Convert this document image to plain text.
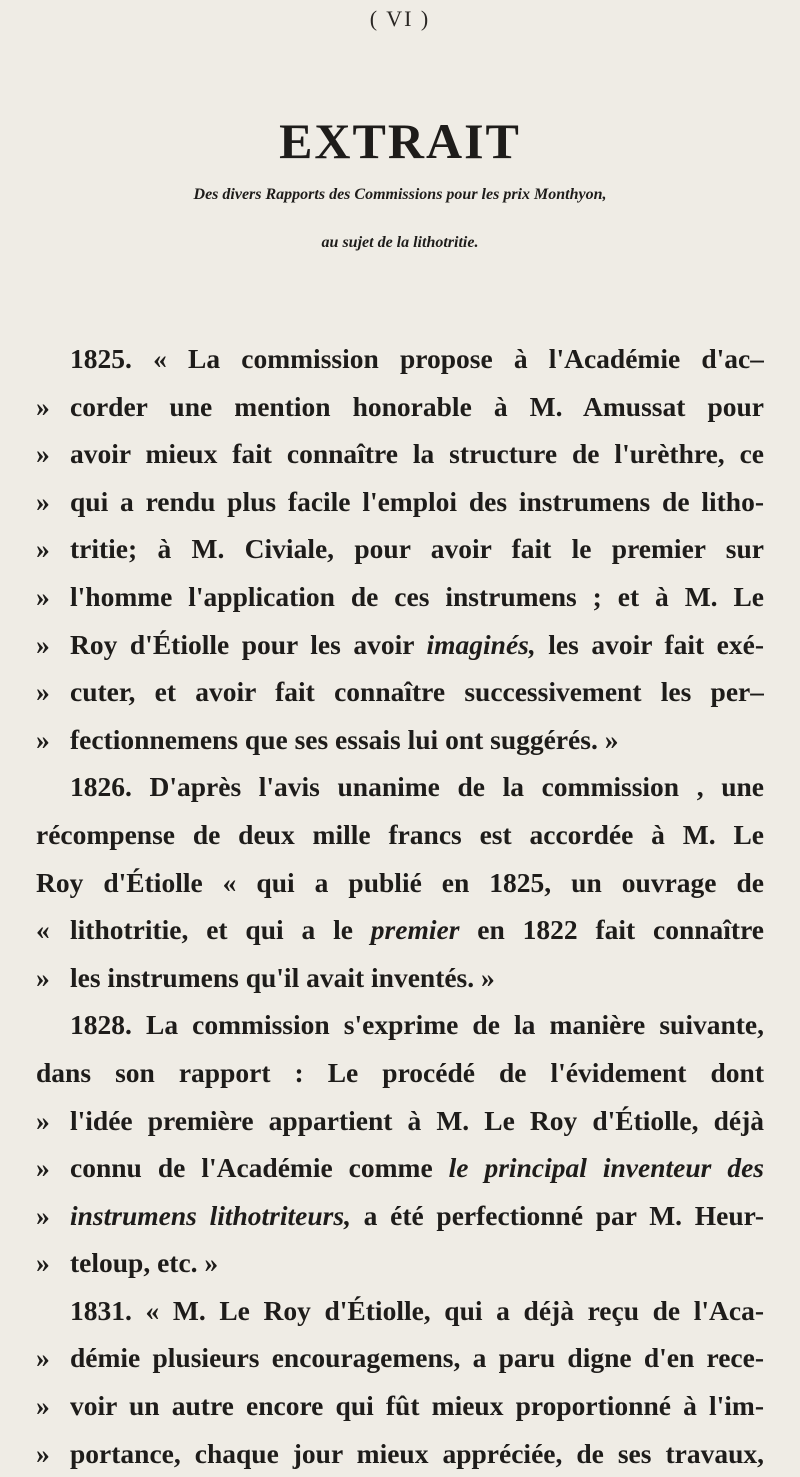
( VI )
EXTRAIT
Des divers Rapports des Commissions pour les prix Monthyon,
au sujet de la lithotritie.
1825. « La commission propose à l'Académie d'ac–
» corder une mention honorable à M. Amussat pour
» avoir mieux fait connaître la structure de l'urèthre, ce
» qui a rendu plus facile l'emploi des instrumens de litho-
» tritie; à M. Civiale, pour avoir fait le premier sur
» l'homme l'application de ces instrumens ; et à M. Le
» Roy d'Étiolle pour les avoir imaginés, les avoir fait exé-
» cuter, et avoir fait connaître successivement les per–
» fectionnemens que ses essais lui ont suggérés. »
1826. D'après l'avis unanime de la commission , une
récompense de deux mille francs est accordée à M. Le
Roy d'Étiolle « qui a publié en 1825, un ouvrage de
« lithotritie, et qui a le premier en 1822 fait connaître
» les instrumens qu'il avait inventés. »
1828. La commission s'exprime de la manière suivante,
dans son rapport : Le procédé de l'évidement dont
» l'idée première appartient à M. Le Roy d'Étiolle, déjà
» connu de l'Académie comme le principal inventeur des
» instrumens lithotriteurs, a été perfectionné par M. Heur-
» teloup, etc. »
1831. « M. Le Roy d'Étiolle, qui a déjà reçu de l'Aca-
» démie plusieurs encouragemens, a paru digne d'en rece-
» voir un autre encore qui fût mieux proportionné à l'im-
» portance, chaque jour mieux appréciée, de ses travaux,
